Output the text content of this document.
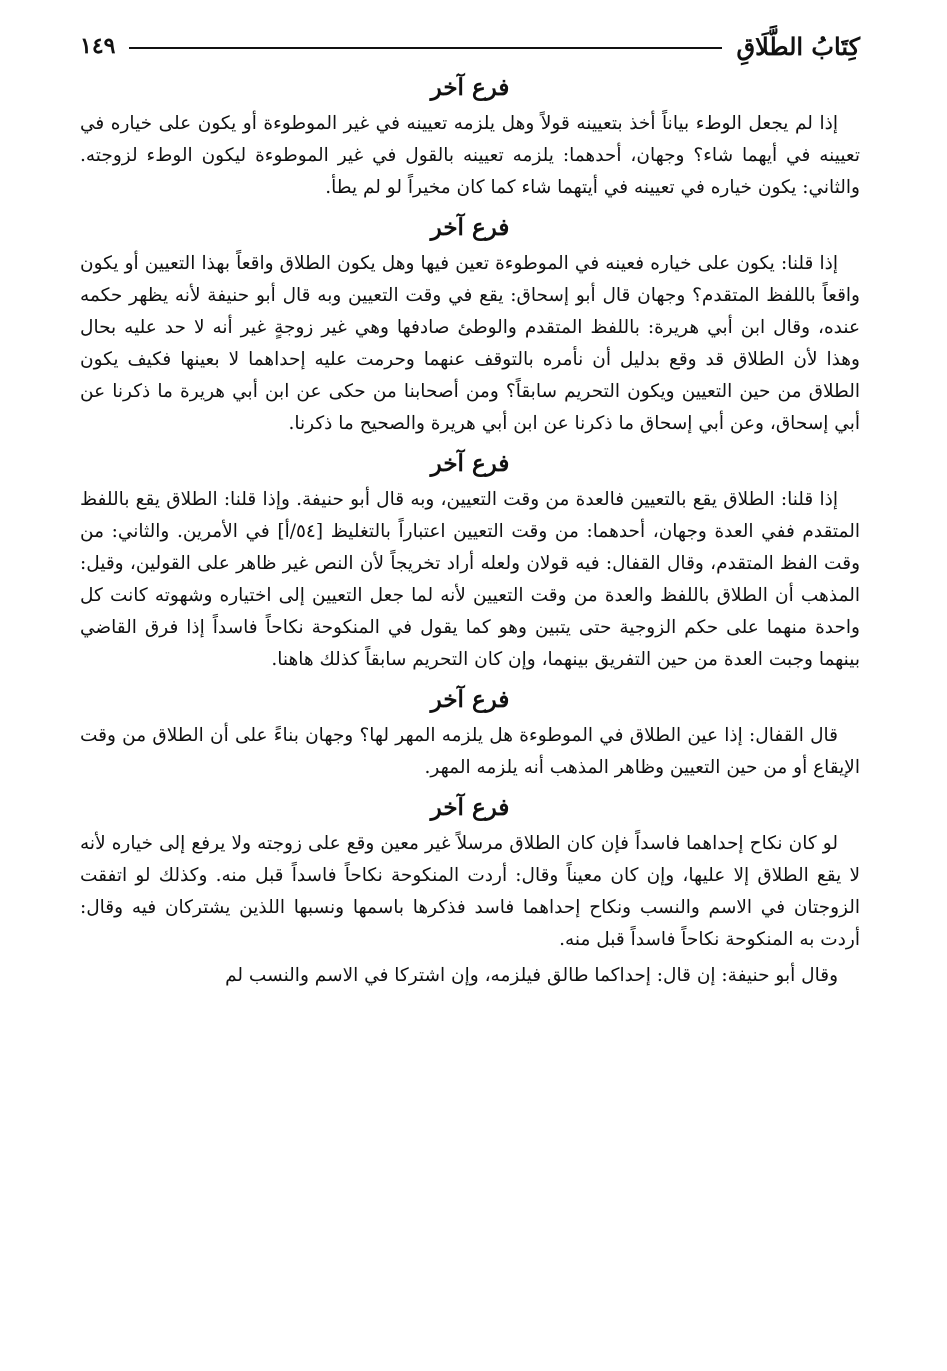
كِتَابُ الطَّلَاقِ
١٤٩
فرع آخر

إذا لم يجعل الوطء بياناً أخذ بتعيينه قولاً وهل يلزمه تعيينه في غير الموطوءة أو يكون على خياره في تعيينه في أيهما شاء؟ وجهان، أحدهما: يلزمه تعيينه بالقول في غير الموطوءة ليكون الوطء لزوجته. والثاني: يكون خياره في تعيينه في أيتهما شاء كما كان مخيراً لو لم يطأ.

فرع آخر

إذا قلنا: يكون على خياره فعينه في الموطوءة تعين فيها وهل يكون الطلاق واقعاً بهذا التعيين أو يكون واقعاً باللفظ المتقدم؟ وجهان قال أبو إسحاق: يقع في وقت التعيين وبه قال أبو حنيفة لأنه يظهر حكمه عنده، وقال ابن أبي هريرة: باللفظ المتقدم والوطئ صادفها وهي غير زوجةٍ غير أنه لا حد عليه بحال وهذا لأن الطلاق قد وقع بدليل أن نأمره بالتوقف عنهما وحرمت عليه إحداهما لا بعينها فكيف يكون الطلاق من حين التعيين ويكون التحريم سابقاً؟ ومن أصحابنا من حكى عن ابن أبي هريرة ما ذكرنا عن أبي إسحاق، وعن أبي إسحاق ما ذكرنا عن ابن أبي هريرة والصحيح ما ذكرنا.

فرع آخر

إذا قلنا: الطلاق يقع بالتعيين فالعدة من وقت التعيين، وبه قال أبو حنيفة. وإذا قلنا: الطلاق يقع باللفظ المتقدم ففي العدة وجهان، أحدهما: من وقت التعيين اعتباراً بالتغليظ [٥٤/أ] في الأمرين. والثاني: من وقت الفظ المتقدم، وقال القفال: فيه قولان ولعله أراد تخريجاً لأن النص غير ظاهر على القولين، وقيل: المذهب أن الطلاق باللفظ والعدة من وقت التعيين لأنه لما جعل التعيين إلى اختياره وشهوته كانت كل واحدة منهما على حكم الزوجية حتى يتبين وهو كما يقول في المنكوحة نكاحاً فاسداً إذا فرق القاضي بينهما وجبت العدة من حين التفريق بينهما، وإن كان التحريم سابقاً كذلك هاهنا.

فرع آخر

قال القفال: إذا عين الطلاق في الموطوءة هل يلزمه المهر لها؟ وجهان بناءً على أن الطلاق من وقت الإيقاع أو من حين التعيين وظاهر المذهب أنه يلزمه المهر.

فرع آخر

لو كان نكاح إحداهما فاسداً فإن كان الطلاق مرسلاً غير معين وقع على زوجته ولا يرفع إلى خياره لأنه لا يقع الطلاق إلا عليها، وإن كان معيناً وقال: أردت المنكوحة نكاحاً فاسداً قبل منه. وكذلك لو اتفقت الزوجتان في الاسم والنسب ونكاح إحداهما فاسد فذكرها باسمها ونسبها اللذين يشتركان فيه وقال: أردت به المنكوحة نكاحاً فاسداً قبل منه.

وقال أبو حنيفة: إن قال: إحداكما طالق فيلزمه، وإن اشتركا في الاسم والنسب لم
